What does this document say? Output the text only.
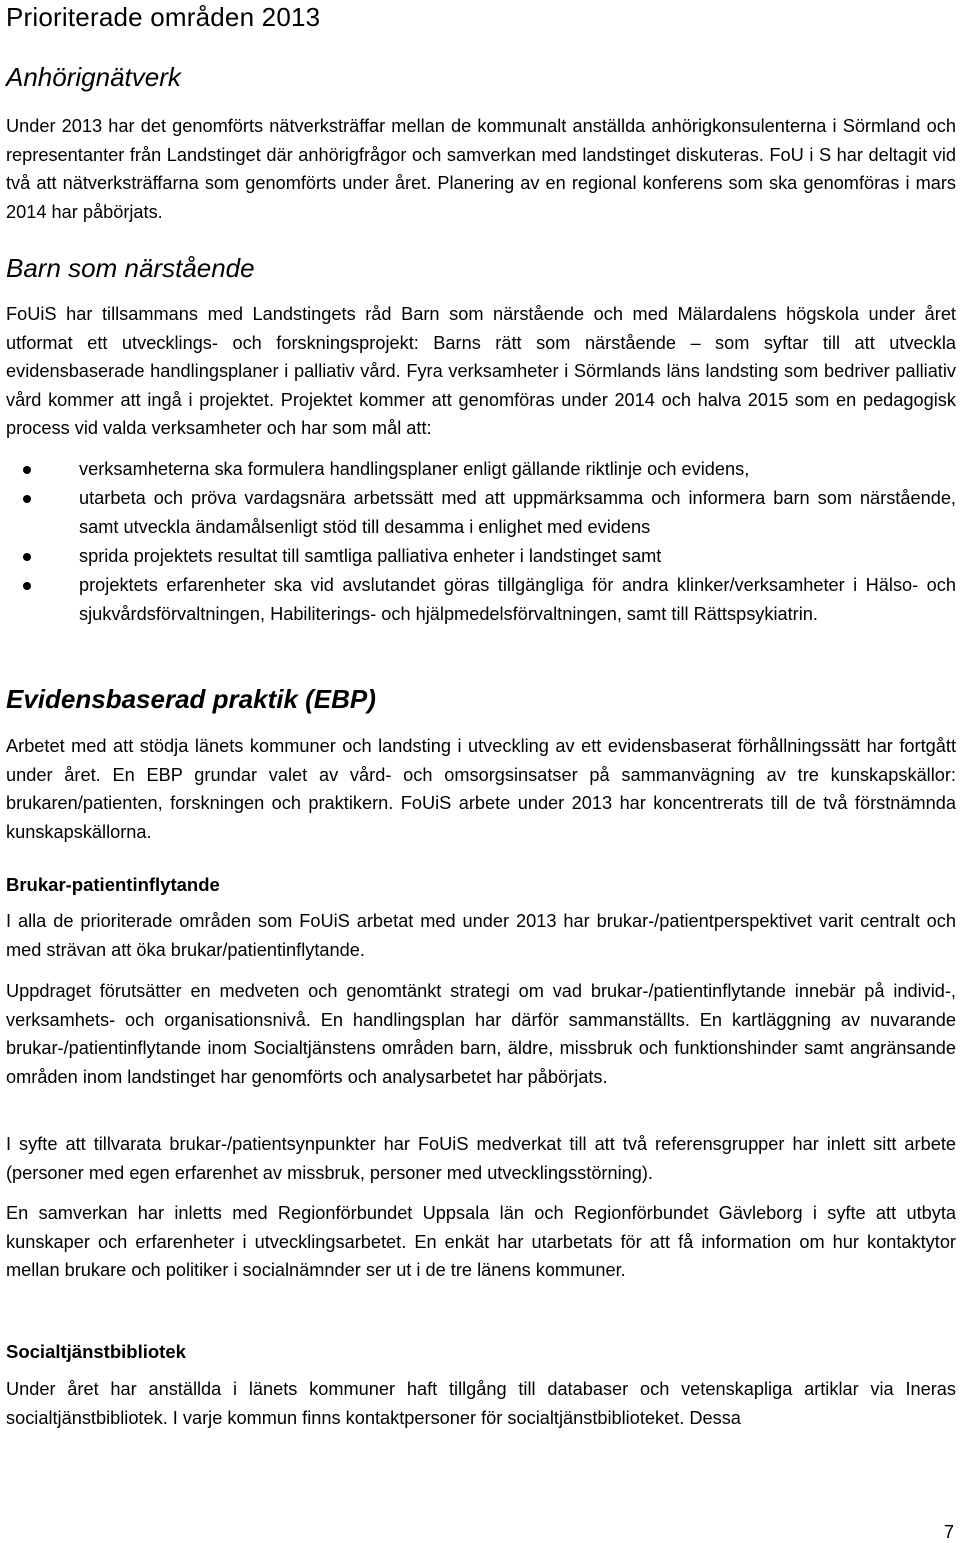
Prioriterade områden 2013
Anhörignätverk

Under 2013 har det genomförts nätverksträffar mellan de kommunalt anställda anhörigkonsulenterna i Sörmland och representanter från Landstinget där anhörigfrågor och samverkan med landstinget diskuteras. FoU i S har deltagit vid två att nätverksträffarna som genomförts under året. Planering av en regional konferens som ska genomföras i mars 2014 har påbörjats.

Barn som närstående

FoUiS har tillsammans med Landstingets råd Barn som närstående och med Mälardalens högskola under året utformat ett utvecklings- och forskningsprojekt: Barns rätt som närstående – som syftar till att utveckla evidensbaserade handlingsplaner i palliativ vård. Fyra verksamheter i Sörmlands läns landsting som bedriver palliativ vård kommer att ingå i projektet. Projektet kommer att genomföras under 2014 och halva 2015 som en pedagogisk process vid valda verksamheter och har som mål att:

verksamheterna ska formulera handlingsplaner enligt gällande riktlinje och evidens,
utarbeta och pröva vardagsnära arbetssätt med att uppmärksamma och informera barn som närstående, samt utveckla ändamålsenligt stöd till desamma i enlighet med evidens
sprida projektets resultat till samtliga palliativa enheter i landstinget samt
projektets erfarenheter ska vid avslutandet göras tillgängliga för andra klinker/verksamheter i Hälso- och sjukvårdsförvaltningen, Habiliterings- och hjälpmedelsförvaltningen, samt till Rättspsykiatrin.
Evidensbaserad praktik (EBP)

Arbetet med att stödja länets kommuner och landsting i utveckling av ett evidensbaserat förhållningssätt har fortgått under året. En EBP grundar valet av vård- och omsorgsinsatser på sammanvägning av tre kunskapskällor: brukaren/patienten, forskningen och praktikern. FoUiS arbete under 2013 har koncentrerats till de två förstnämnda kunskapskällorna.

Brukar-patientinflytande

I alla de prioriterade områden som FoUiS arbetat med under 2013 har brukar-/patientperspektivet varit centralt och med strävan att öka brukar/patientinflytande.

Uppdraget förutsätter en medveten och genomtänkt strategi om vad brukar-/patientinflytande innebär på individ-, verksamhets- och organisationsnivå. En handlingsplan har därför sammanställts. En kartläggning av nuvarande brukar-/patientinflytande inom Socialtjänstens områden barn, äldre, missbruk och funktionshinder samt angränsande områden inom landstinget har genomförts och analysarbetet har påbörjats.

I syfte att tillvarata brukar-/patientsynpunkter har FoUiS medverkat till att två referensgrupper har inlett sitt arbete (personer med egen erfarenhet av missbruk, personer med utvecklingsstörning).

En samverkan har inletts med Regionförbundet Uppsala län och Regionförbundet Gävleborg i syfte att utbyta kunskaper och erfarenheter i utvecklingsarbetet. En enkät har utarbetats för att få information om hur kontaktytor mellan brukare och politiker i socialnämnder ser ut i de tre länens kommuner.

Socialtjänstbibliotek

Under året har anställda i länets kommuner haft tillgång till databaser och vetenskapliga artiklar via Ineras socialtjänstbibliotek. I varje kommun finns kontaktpersoner för socialtjänstbiblioteket. Dessa

7
